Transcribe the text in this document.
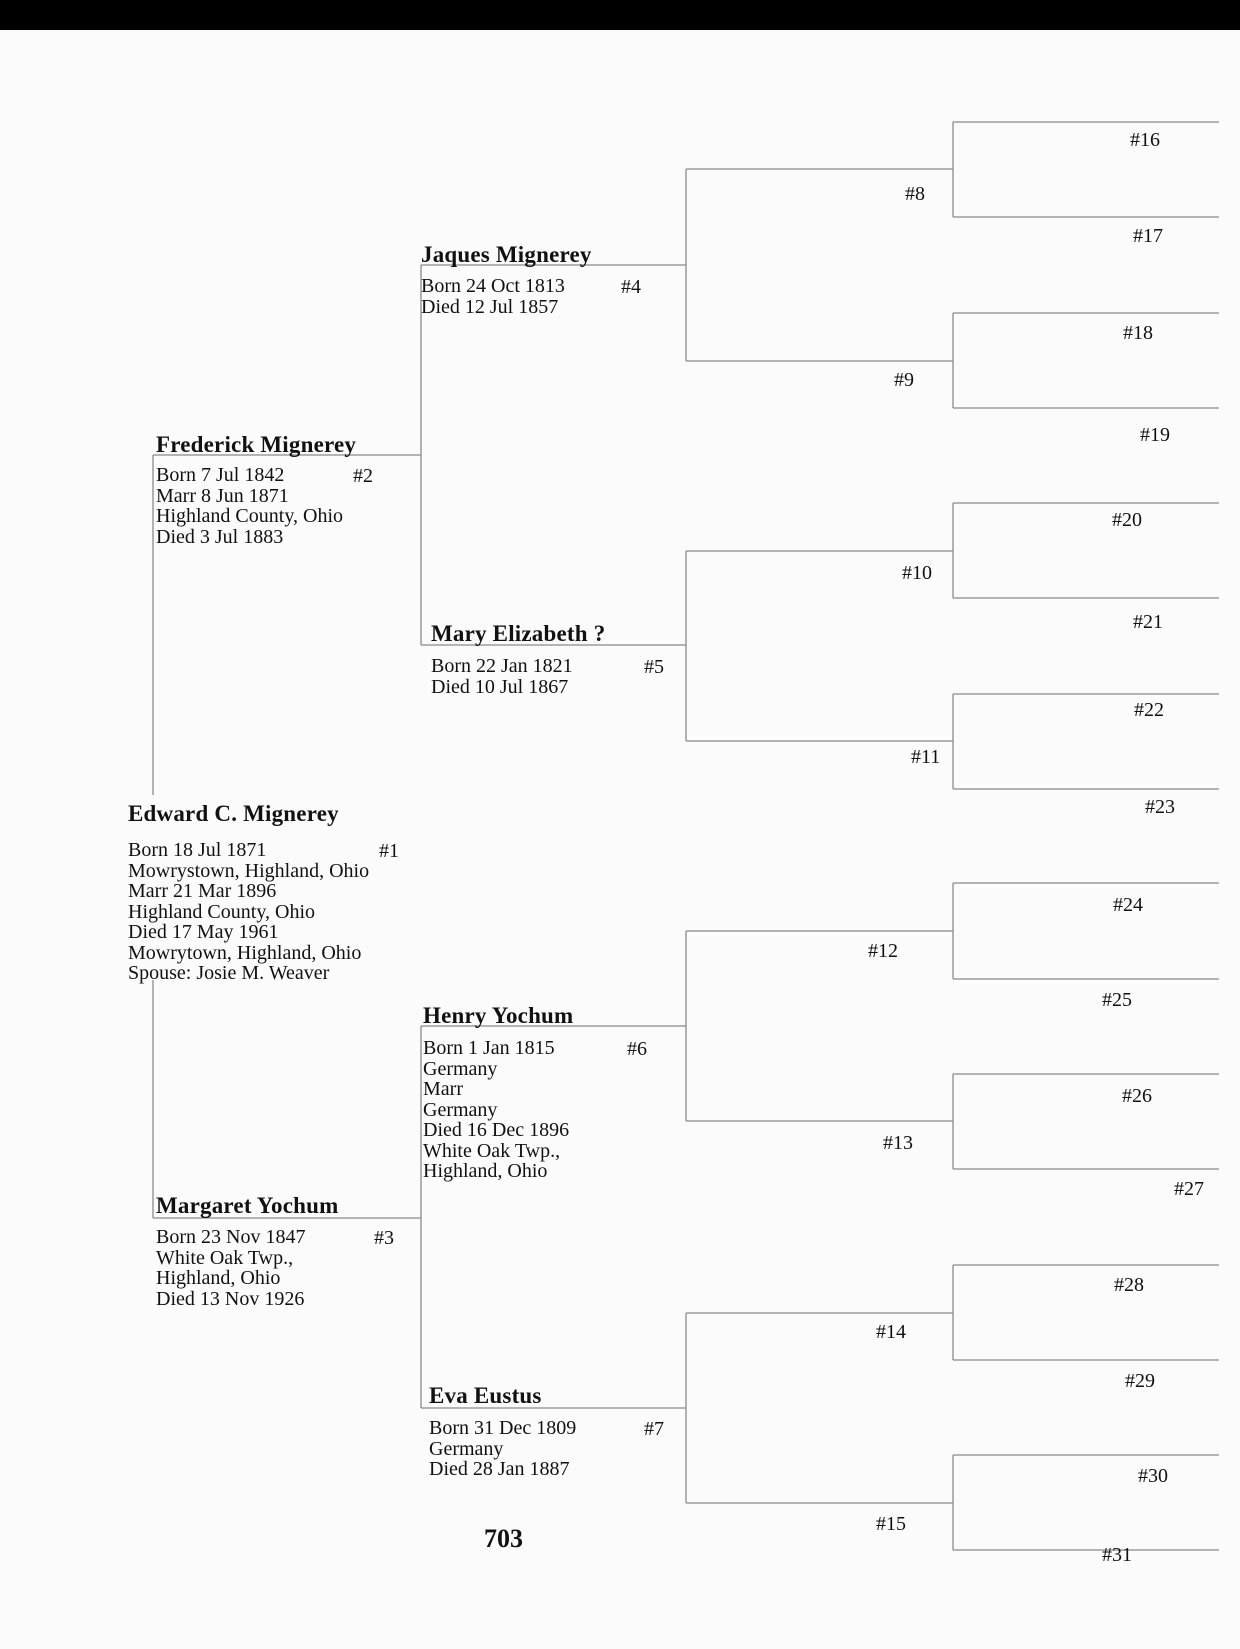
Edward C. Mignerey
Born 18 Jul 1871
Mowrystown, Highland, Ohio
Marr 21 Mar 1896
Highland County, Ohio
Died 17 May 1961
Mowrytown, Highland, Ohio
Spouse: Josie M. Weaver
#1
Frederick Mignerey
Born 7 Jul 1842
Marr 8 Jun 1871
Highland County, Ohio
Died 3 Jul 1883
#2
Margaret Yochum
Born 23 Nov 1847
White Oak Twp.,
Highland, Ohio
Died 13 Nov 1926
#3
Jaques Mignerey
Born 24 Oct 1813
Died 12 Jul 1857
#4
Mary Elizabeth ?
Born 22 Jan 1821
Died 10 Jul 1867
#5
Henry Yochum
Born 1 Jan 1815
Germany
Marr
Germany
Died 16 Dec 1896
White Oak Twp.,
Highland, Ohio
#6
Eva Eustus
Born 31 Dec 1809
Germany
Died 28 Jan 1887
#7
#8
#9
#10
#11
#12
#13
#14
#15
#16
#17
#18
#19
#20
#21
#22
#23
#24
#25
#26
#27
#28
#29
#30
#31
703
